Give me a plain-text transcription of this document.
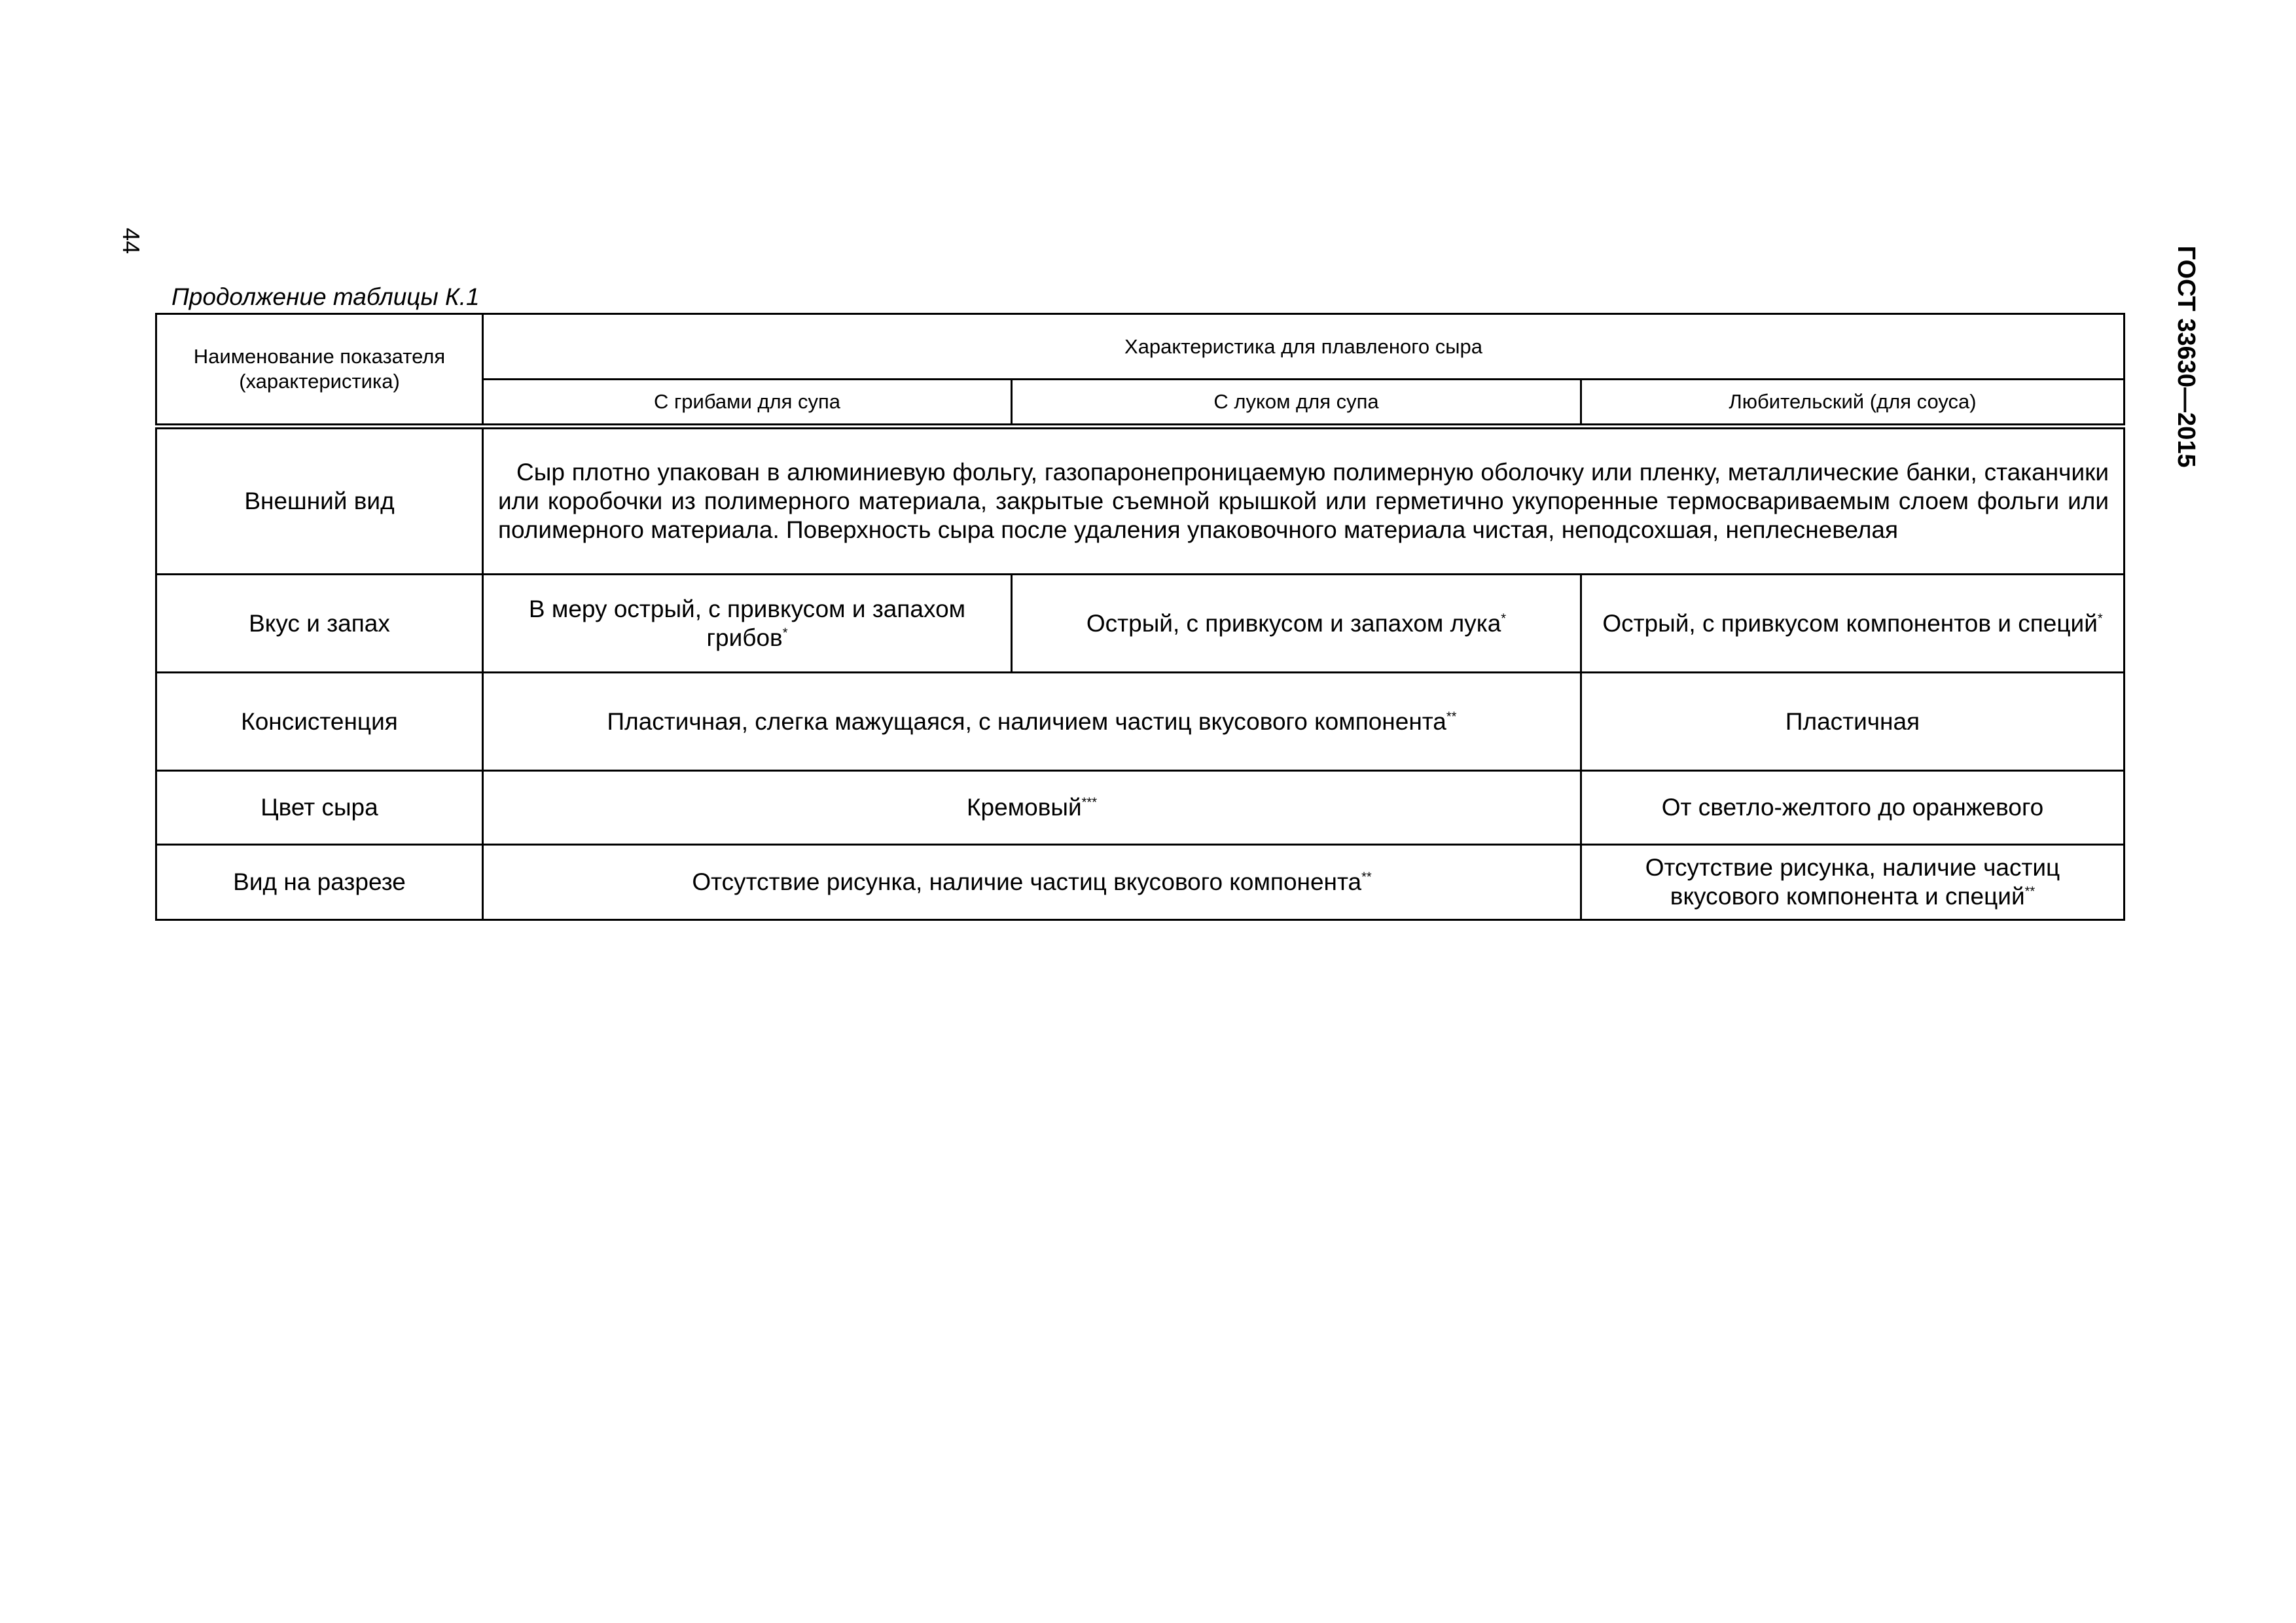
44
ГОСТ 33630—2015
Продолжение таблицы К.1
Наименование показателя (характеристика)	Характеристика для плавленого сыра		
	С грибами для супа	С луком для супа	Любительский (для соуса)
Внешний вид	Сыр плотно упакован в алюминиевую фольгу, газопаронепроницаемую полимерную оболочку или пленку, металлические банки, стаканчики или коробочки из полимерного материала, закрытые съемной крышкой или герметично укупоренные термосвариваемым слоем фольги или полимерного материала. Поверхность сыра после удаления упаковочного материала чистая, неподсохшая, неплесневелая		
Вкус и запах	В меру острый, с привкусом и запахом грибов*	Острый, с привкусом и запахом лука*	Острый, с привкусом компонентов и специй*
Консистенция	Пластичная, слегка мажущаяся, с наличием частиц вкусового компонента**		Пластичная
Цвет сыра	Кремовый***		От светло-желтого до оранжевого
Вид на разрезе	Отсутствие рисунка, наличие частиц вкусового компонента**		Отсутствие рисунка, наличие частиц вкусового компонента и специй**
